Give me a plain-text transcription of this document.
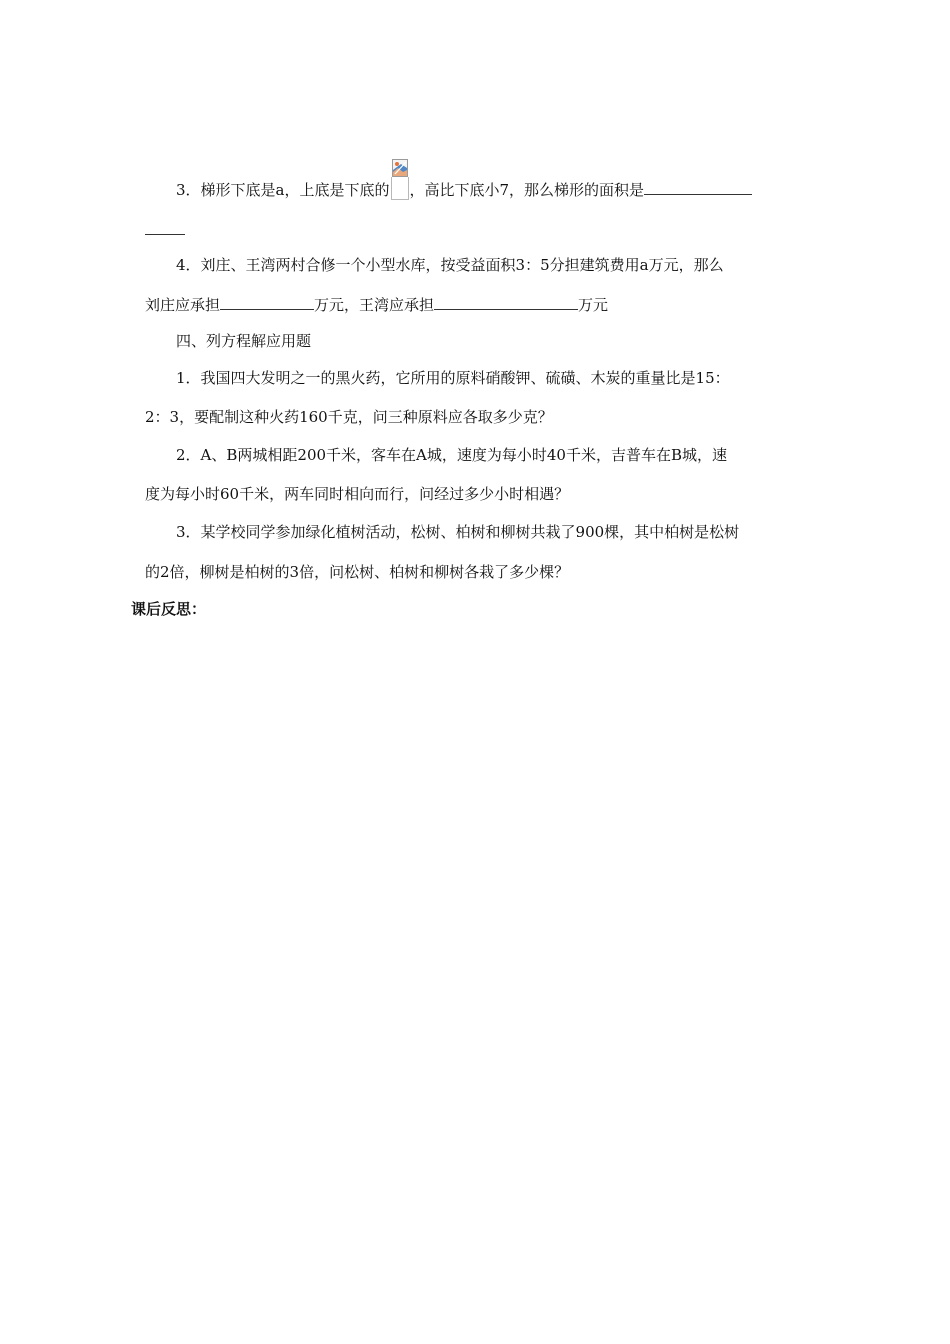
3．梯形下底是a，上底是下底的 ，高比下底小7，那么梯形的面积是
4．刘庄、王湾两村合修一个小型水库，按受益面积3：5分担建筑费用a万元，那么
刘庄应承担	万元，王湾应承担	万元
四、列方程解应用题
1．我国四大发明之一的黑火药，它所用的原料硝酸钾、硫磺、木炭的重量比是15：
2：3，要配制这种火药160千克，问三种原料应各取多少克？
2．A、B两城相距200千米，客车在A城，速度为每小时40千米，吉普车在B城，速
度为每小时60千米，两车同时相向而行，问经过多少小时相遇？
3．某学校同学参加绿化植树活动，松树、柏树和柳树共栽了900棵，其中柏树是松树
的2倍，柳树是柏树的3倍，问松树、柏树和柳树各栽了多少棵？
课后反思：
